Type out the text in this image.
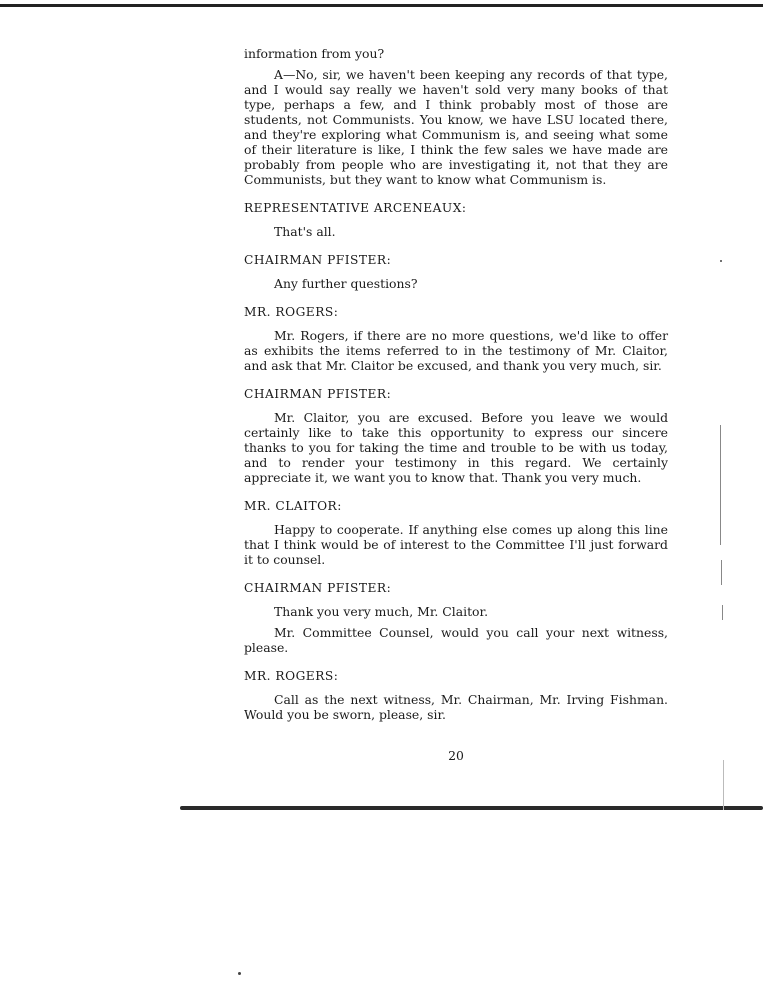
information from you?

A—No, sir, we haven't been keeping any records of that type, and I would say really we haven't sold very many books of that type, perhaps a few, and I think probably most of those are students, not Communists. You know, we have LSU located there, and they're exploring what Communism is, and seeing what some of their literature is like, I think the few sales we have made are probably from people who are investigating it, not that they are Communists, but they want to know what Communism is.

REPRESENTATIVE ARCENEAUX:

That's all.

CHAIRMAN PFISTER:

Any further questions?

MR. ROGERS:

Mr. Rogers, if there are no more questions, we'd like to offer as exhibits the items referred to in the testimony of Mr. Claitor, and ask that Mr. Claitor be excused, and thank you very much, sir.

CHAIRMAN PFISTER:

Mr. Claitor, you are excused. Before you leave we would certainly like to take this opportunity to express our sincere thanks to you for taking the time and trouble to be with us today, and to render your testimony in this regard. We certainly appreciate it, we want you to know that. Thank you very much.

MR. CLAITOR:

Happy to cooperate. If anything else comes up along this line that I think would be of interest to the Committee I'll just forward it to counsel.

CHAIRMAN PFISTER:

Thank you very much, Mr. Claitor.

Mr. Committee Counsel, would you call your next witness, please.

MR. ROGERS:

Call as the next witness, Mr. Chairman, Mr. Irving Fishman. Would you be sworn, please, sir.

20
